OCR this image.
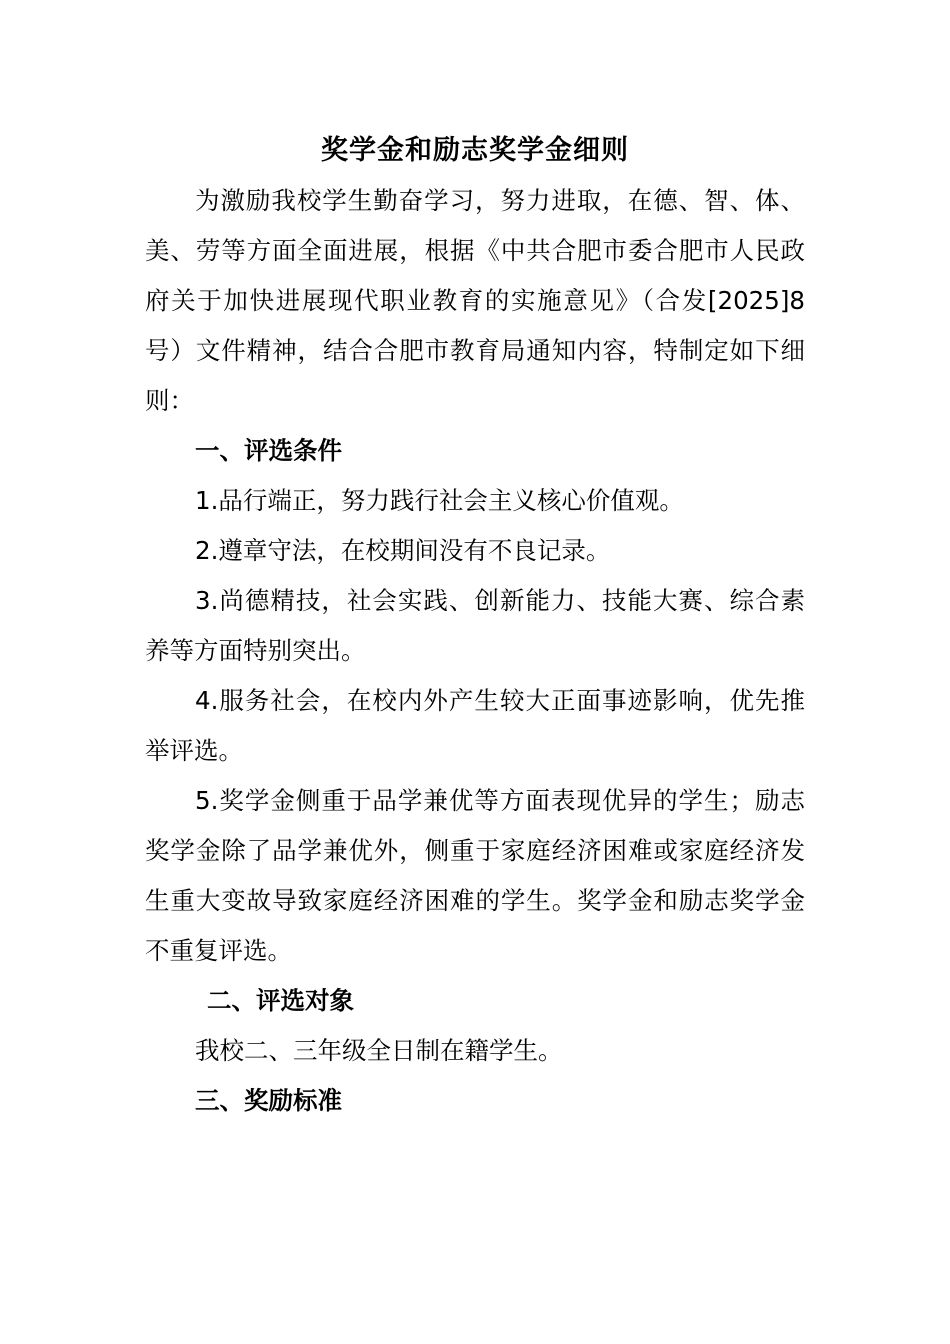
奖学金和励志奖学金细则

为激励我校学生勤奋学习，努力进取，在德、智、体、美、劳等方面全面进展，根据《中共合肥市委合肥市人民政府关于加快进展现代职业教育的实施意见》（合发[2025]8号）文件精神，结合合肥市教育局通知内容，特制定如下细则：

一、评选条件

1.品行端正，努力践行社会主义核心价值观。

2.遵章守法，在校期间没有不良记录。

3.尚德精技，社会实践、创新能力、技能大赛、综合素养等方面特别突出。

4.服务社会，在校内外产生较大正面事迹影响，优先推举评选。

5.奖学金侧重于品学兼优等方面表现优异的学生；励志奖学金除了品学兼优外，侧重于家庭经济困难或家庭经济发生重大变故导致家庭经济困难的学生。奖学金和励志奖学金不重复评选。

二、评选对象

我校二、三年级全日制在籍学生。

三、奖励标准
